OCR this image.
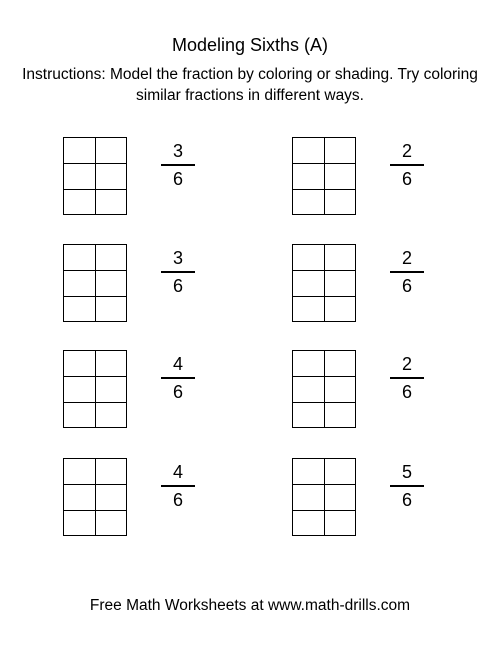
Modeling Sixths (A)
Instructions: Model the fraction by coloring or shading. Try coloring similar fractions in different ways.
3
6
2
6
3
6
2
6
4
6
2
6
4
6
5
6
Free Math Worksheets at www.math-drills.com
